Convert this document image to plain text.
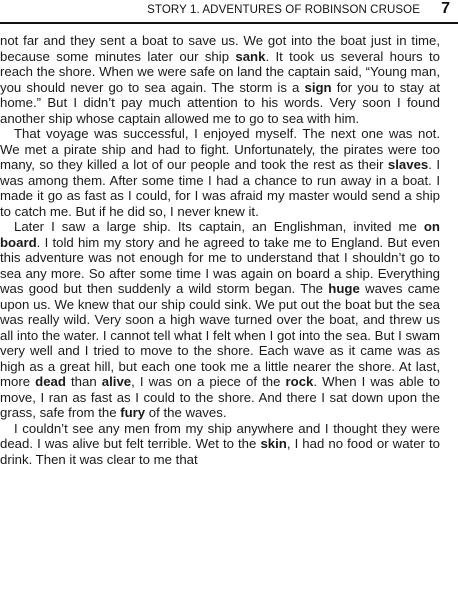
STORY 1. ADVENTURES OF ROBINSON CRUSOE 7

not far and they sent a boat to save us. We got into the boat just in time, because some minutes later our ship sank. It took us several hours to reach the shore. When we were safe on land the captain said, “Young man, you should never go to sea again. The storm is a sign for you to stay at home.” But I didn’t pay much attention to his words. Very soon I found another ship whose captain allowed me to go to sea with him.

That voyage was successful, I enjoyed myself. The next one was not. We met a pirate ship and had to fight. Unfortunately, the pirates were too many, so they killed a lot of our people and took the rest as their slaves. I was among them. After some time I had a chance to run away in a boat. I made it go as fast as I could, for I was afraid my master would send a ship to catch me. But if he did so, I never knew it.

Later I saw a large ship. Its captain, an Englishman, invited me on board. I told him my story and he agreed to take me to England. But even this adventure was not enough for me to understand that I shouldn’t go to sea any more. So after some time I was again on board a ship. Everything was good but then suddenly a wild storm began. The huge waves came upon us. We knew that our ship could sink. We put out the boat but the sea was really wild. Very soon a high wave turned over the boat, and threw us all into the water. I cannot tell what I felt when I got into the sea. But I swam very well and I tried to move to the shore. Each wave as it came was as high as a great hill, but each one took me a little nearer the shore. At last, more dead than alive, I was on a piece of the rock. When I was able to move, I ran as fast as I could to the shore. And there I sat down upon the grass, safe from the fury of the waves.

I couldn’t see any men from my ship anywhere and I thought they were dead. I was alive but felt terrible. Wet to the skin, I had no food or water to drink. Then it was clear to me that
